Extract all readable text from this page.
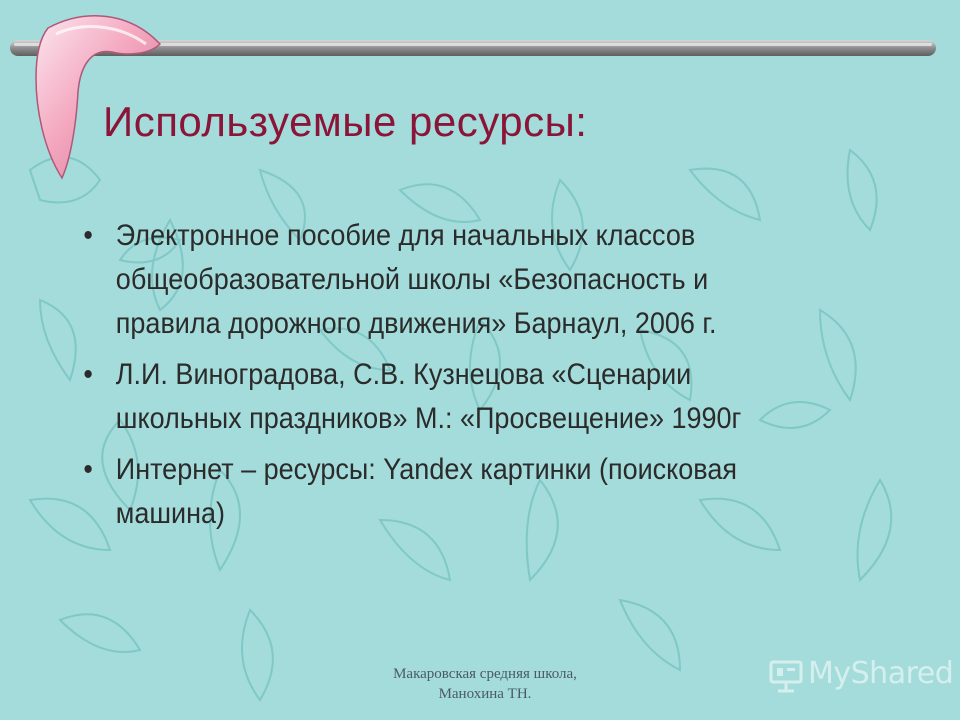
Используемые ресурсы:
• Электронное пособие для начальных классов общеобразовательной школы «Безопасность и правила дорожного движения» Барнаул, 2006 г.
• Л.И. Виноградова, С.В. Кузнецова «Сценарии школьных праздников» М.: «Просвещение» 1990г
• Интернет – ресурсы: Yandex картинки (поисковая машина)
Макаровская средняя школа,
Манохина ТН.
MyShared
